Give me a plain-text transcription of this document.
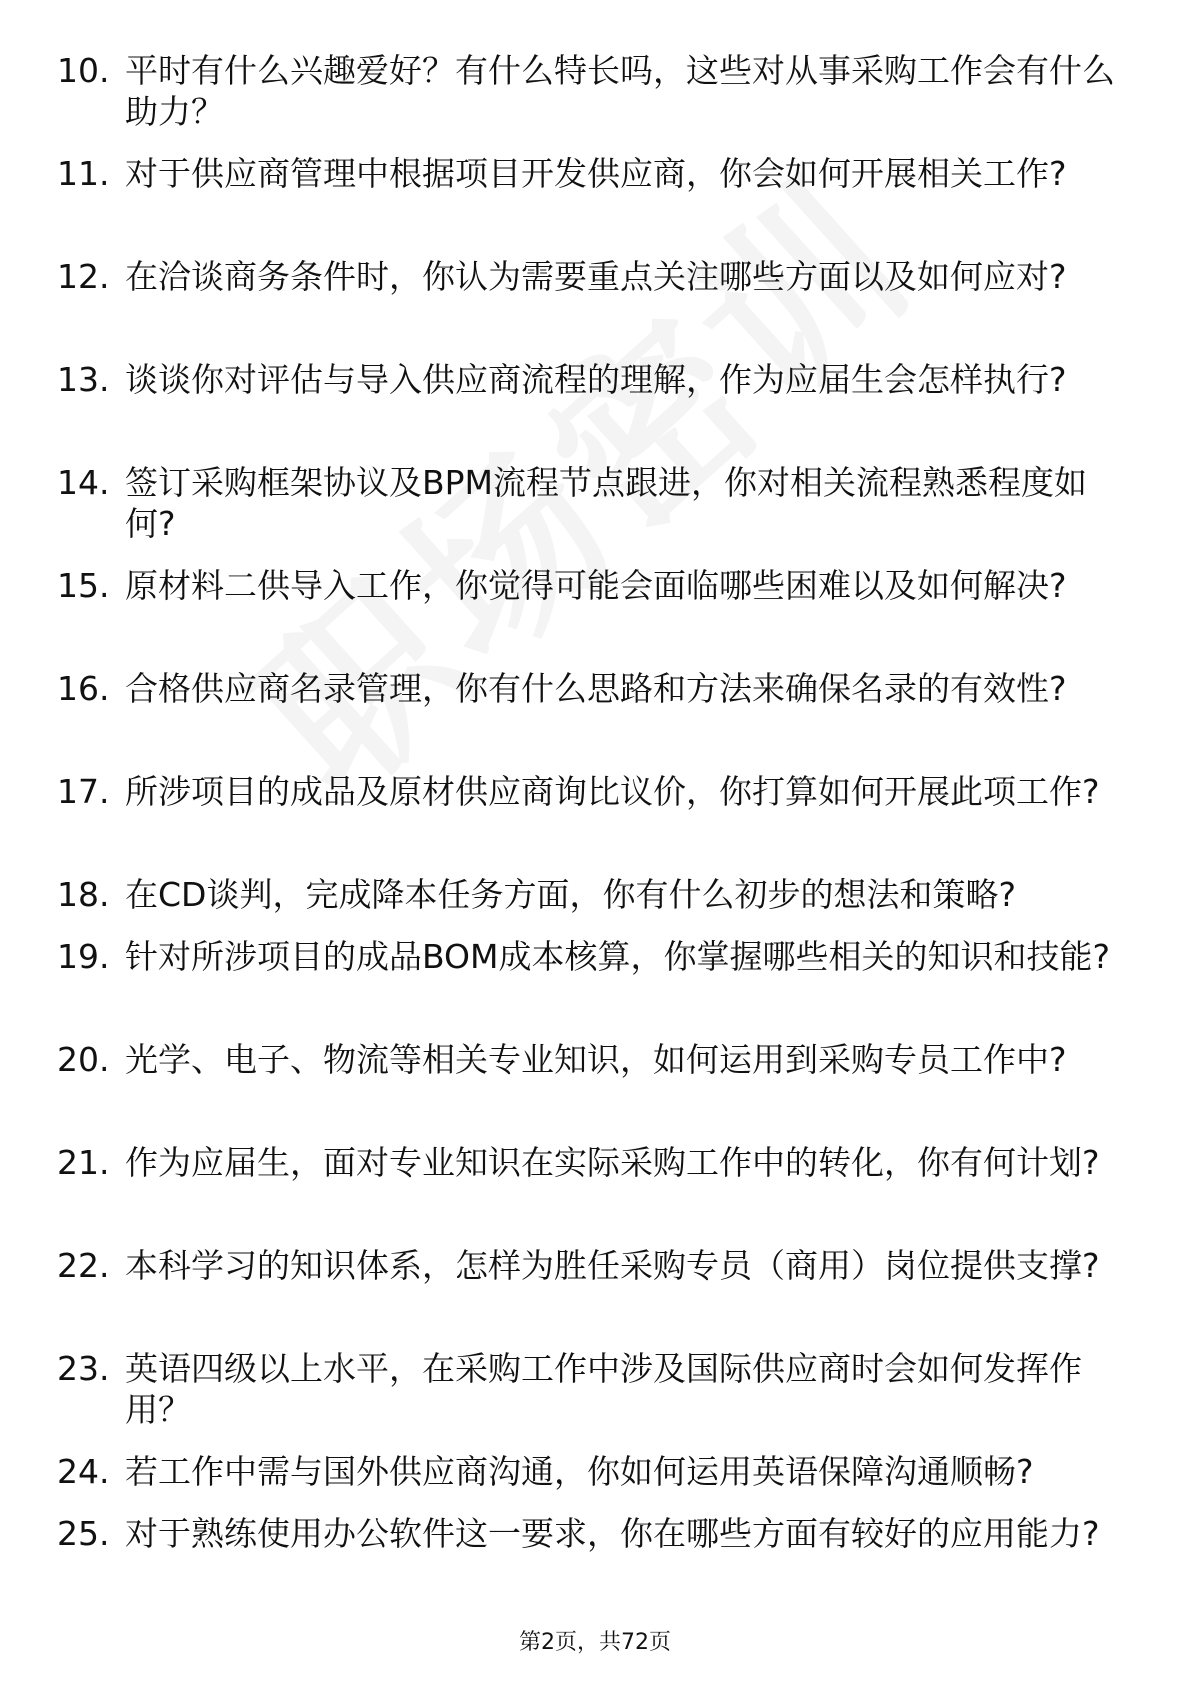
10. 平时有什么兴趣爱好？有什么特长吗，这些对从事采购工作会有什么助力？
11. 对于供应商管理中根据项目开发供应商，你会如何开展相关工作?
12. 在洽谈商务条件时，你认为需要重点关注哪些方面以及如何应对?
13. 谈谈你对评估与导入供应商流程的理解，作为应届生会怎样执行?
14. 签订采购框架协议及BPM流程节点跟进，你对相关流程熟悉程度如何?
15. 原材料二供导入工作，你觉得可能会面临哪些困难以及如何解决?
16. 合格供应商名录管理，你有什么思路和方法来确保名录的有效性?
17. 所涉项目的成品及原材供应商询比议价，你打算如何开展此项工作?
18. 在CD谈判，完成降本任务方面，你有什么初步的想法和策略?
19. 针对所涉项目的成品BOM成本核算，你掌握哪些相关的知识和技能?
20. 光学、电子、物流等相关专业知识，如何运用到采购专员工作中?
21. 作为应届生，面对专业知识在实际采购工作中的转化，你有何计划?
22. 本科学习的知识体系，怎样为胜任采购专员（商用）岗位提供支撑?
23. 英语四级以上水平，在采购工作中涉及国际供应商时会如何发挥作用？
24. 若工作中需与国外供应商沟通，你如何运用英语保障沟通顺畅?
25. 对于熟练使用办公软件这一要求，你在哪些方面有较好的应用能力?
第2页，共72页
